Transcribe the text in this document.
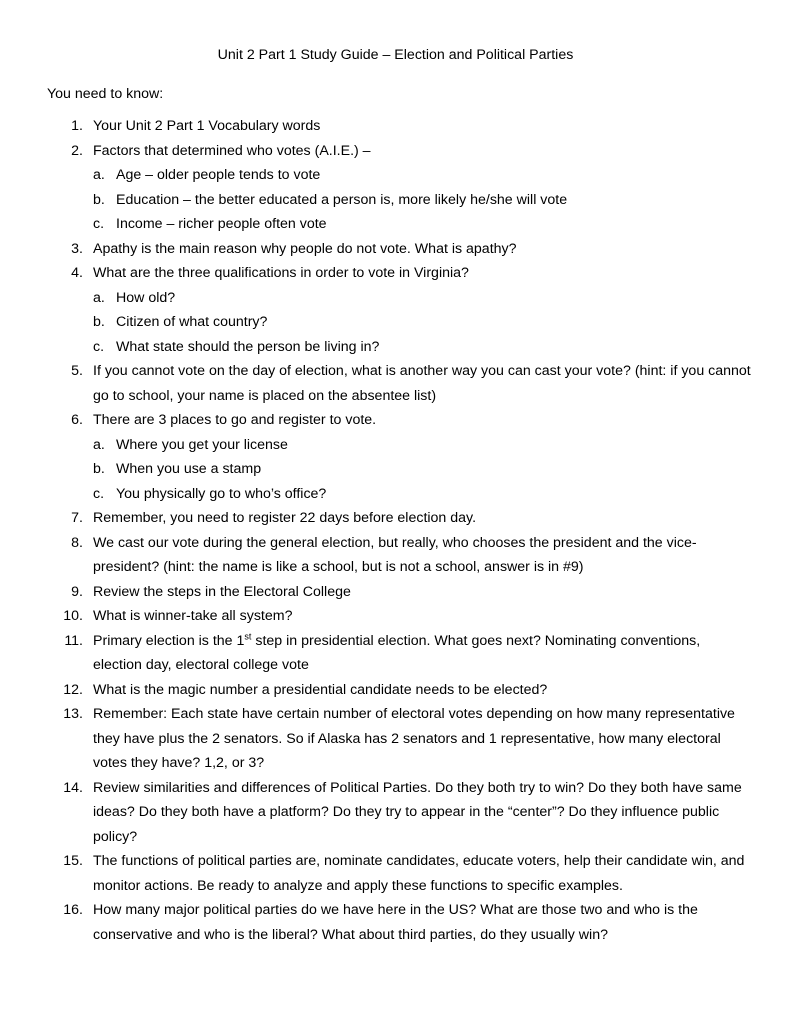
Unit 2 Part 1 Study Guide – Election and Political Parties

You need to know:

1. Your Unit 2 Part 1 Vocabulary words
2. Factors that determined who votes (A.I.E.) –
a. Age – older people tends to vote
b. Education – the better educated a person is, more likely he/she will vote
c. Income – richer people often vote
3. Apathy is the main reason why people do not vote. What is apathy?
4. What are the three qualifications in order to vote in Virginia?
a. How old?
b. Citizen of what country?
c. What state should the person be living in?
5. If you cannot vote on the day of election, what is another way you can cast your vote? (hint: if you cannot go to school, your name is placed on the absentee list)
6. There are 3 places to go and register to vote.
a. Where you get your license
b. When you use a stamp
c. You physically go to who’s office?
7. Remember, you need to register 22 days before election day.
8. We cast our vote during the general election, but really, who chooses the president and the vice-president? (hint: the name is like a school, but is not a school, answer is in #9)
9. Review the steps in the Electoral College
10. What is winner-take all system?
11. Primary election is the 1st step in presidential election. What goes next? Nominating conventions, election day, electoral college vote
12. What is the magic number a presidential candidate needs to be elected?
13. Remember: Each state have certain number of electoral votes depending on how many representative they have plus the 2 senators. So if Alaska has 2 senators and 1 representative, how many electoral votes they have? 1,2, or 3?
14. Review similarities and differences of Political Parties. Do they both try to win? Do they both have same ideas? Do they both have a platform? Do they try to appear in the “center”? Do they influence public policy?
15. The functions of political parties are, nominate candidates, educate voters, help their candidate win, and monitor actions. Be ready to analyze and apply these functions to specific examples.
16. How many major political parties do we have here in the US? What are those two and who is the conservative and who is the liberal? What about third parties, do they usually win?
